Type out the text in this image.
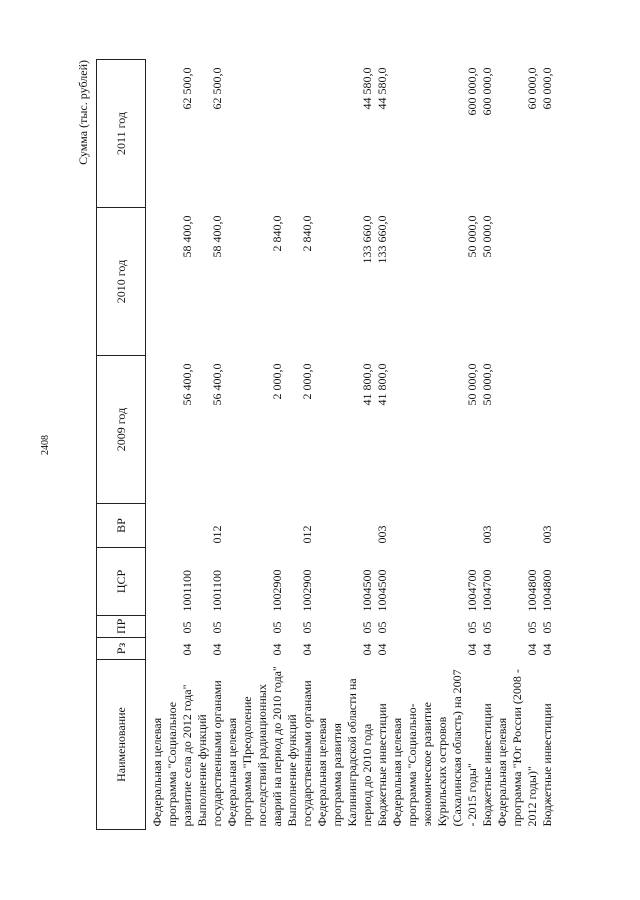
2408
Сумма (тыс. рублей)
Наименование	Рз	ПР	ЦСР	ВР	2009 год	2010 год	2011 год
Федеральная целевая программа "Социальное развитие села до 2012 года"	04	05	1001100		56 400,0	58 400,0	62 500,0
Выполнение функций государственными органами	04	05	1001100	012	56 400,0	58 400,0	62 500,0
Федеральная целевая программа "Преодоление последствий радиационных аварий на период до 2010 года"	04	05	1002900		2 000,0	2 840,0	
Выполнение функций государственными органами	04	05	1002900	012	2 000,0	2 840,0	
Федеральная целевая программа развития Калининградской области на период до 2010 года	04	05	1004500		41 800,0	133 660,0	44 580,0
Бюджетные инвестиции	04	05	1004500	003	41 800,0	133 660,0	44 580,0
Федеральная целевая программа "Социально-экономическое развитие Курильских островов (Сахалинская область) на 2007 - 2015 годы"	04	05	1004700		50 000,0	50 000,0	600 000,0
Бюджетные инвестиции	04	05	1004700	003	50 000,0	50 000,0	600 000,0
Федеральная целевая программа "Юг России (2008 - 2012 годы)"	04	05	1004800				60 000,0
Бюджетные инвестиции	04	05	1004800	003			60 000,0
